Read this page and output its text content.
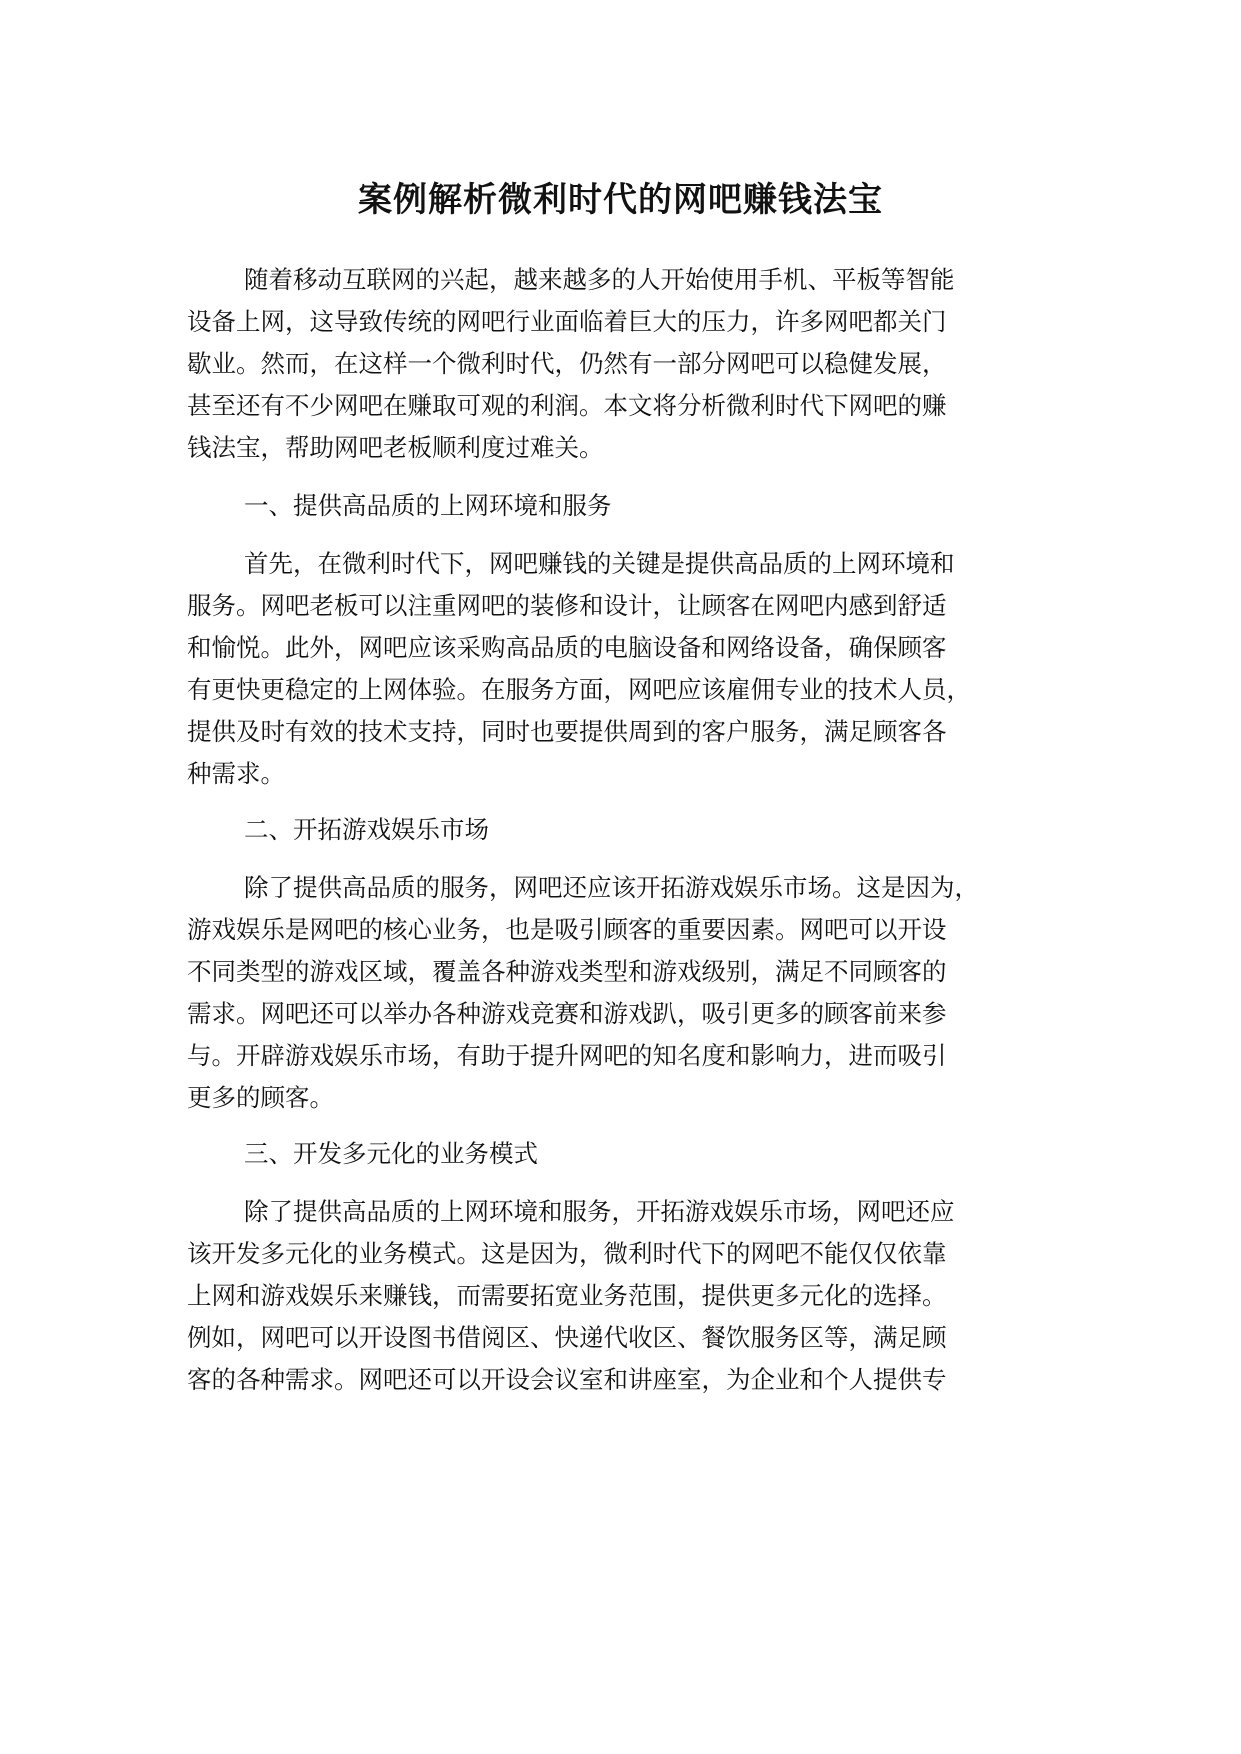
案例解析微利时代的网吧赚钱法宝

随着移动互联网的兴起，越来越多的人开始使用手机、平板等智能

设备上网，这导致传统的网吧行业面临着巨大的压力，许多网吧都关门

歇业。然而，在这样一个微利时代，仍然有一部分网吧可以稳健发展，

甚至还有不少网吧在赚取可观的利润。本文将分析微利时代下网吧的赚

钱法宝，帮助网吧老板顺利度过难关。

一、提供高品质的上网环境和服务

首先，在微利时代下，网吧赚钱的关键是提供高品质的上网环境和

服务。网吧老板可以注重网吧的装修和设计，让顾客在网吧内感到舒适

和愉悦。此外，网吧应该采购高品质的电脑设备和网络设备，确保顾客

有更快更稳定的上网体验。在服务方面，网吧应该雇佣专业的技术人员，

提供及时有效的技术支持，同时也要提供周到的客户服务，满足顾客各

种需求。

二、开拓游戏娱乐市场

除了提供高品质的服务，网吧还应该开拓游戏娱乐市场。这是因为，

游戏娱乐是网吧的核心业务，也是吸引顾客的重要因素。网吧可以开设

不同类型的游戏区域，覆盖各种游戏类型和游戏级别，满足不同顾客的

需求。网吧还可以举办各种游戏竞赛和游戏趴，吸引更多的顾客前来参

与。开辟游戏娱乐市场，有助于提升网吧的知名度和影响力，进而吸引

更多的顾客。

三、开发多元化的业务模式

除了提供高品质的上网环境和服务，开拓游戏娱乐市场，网吧还应

该开发多元化的业务模式。这是因为，微利时代下的网吧不能仅仅依靠

上网和游戏娱乐来赚钱，而需要拓宽业务范围，提供更多元化的选择。

例如，网吧可以开设图书借阅区、快递代收区、餐饮服务区等，满足顾

客的各种需求。网吧还可以开设会议室和讲座室，为企业和个人提供专
